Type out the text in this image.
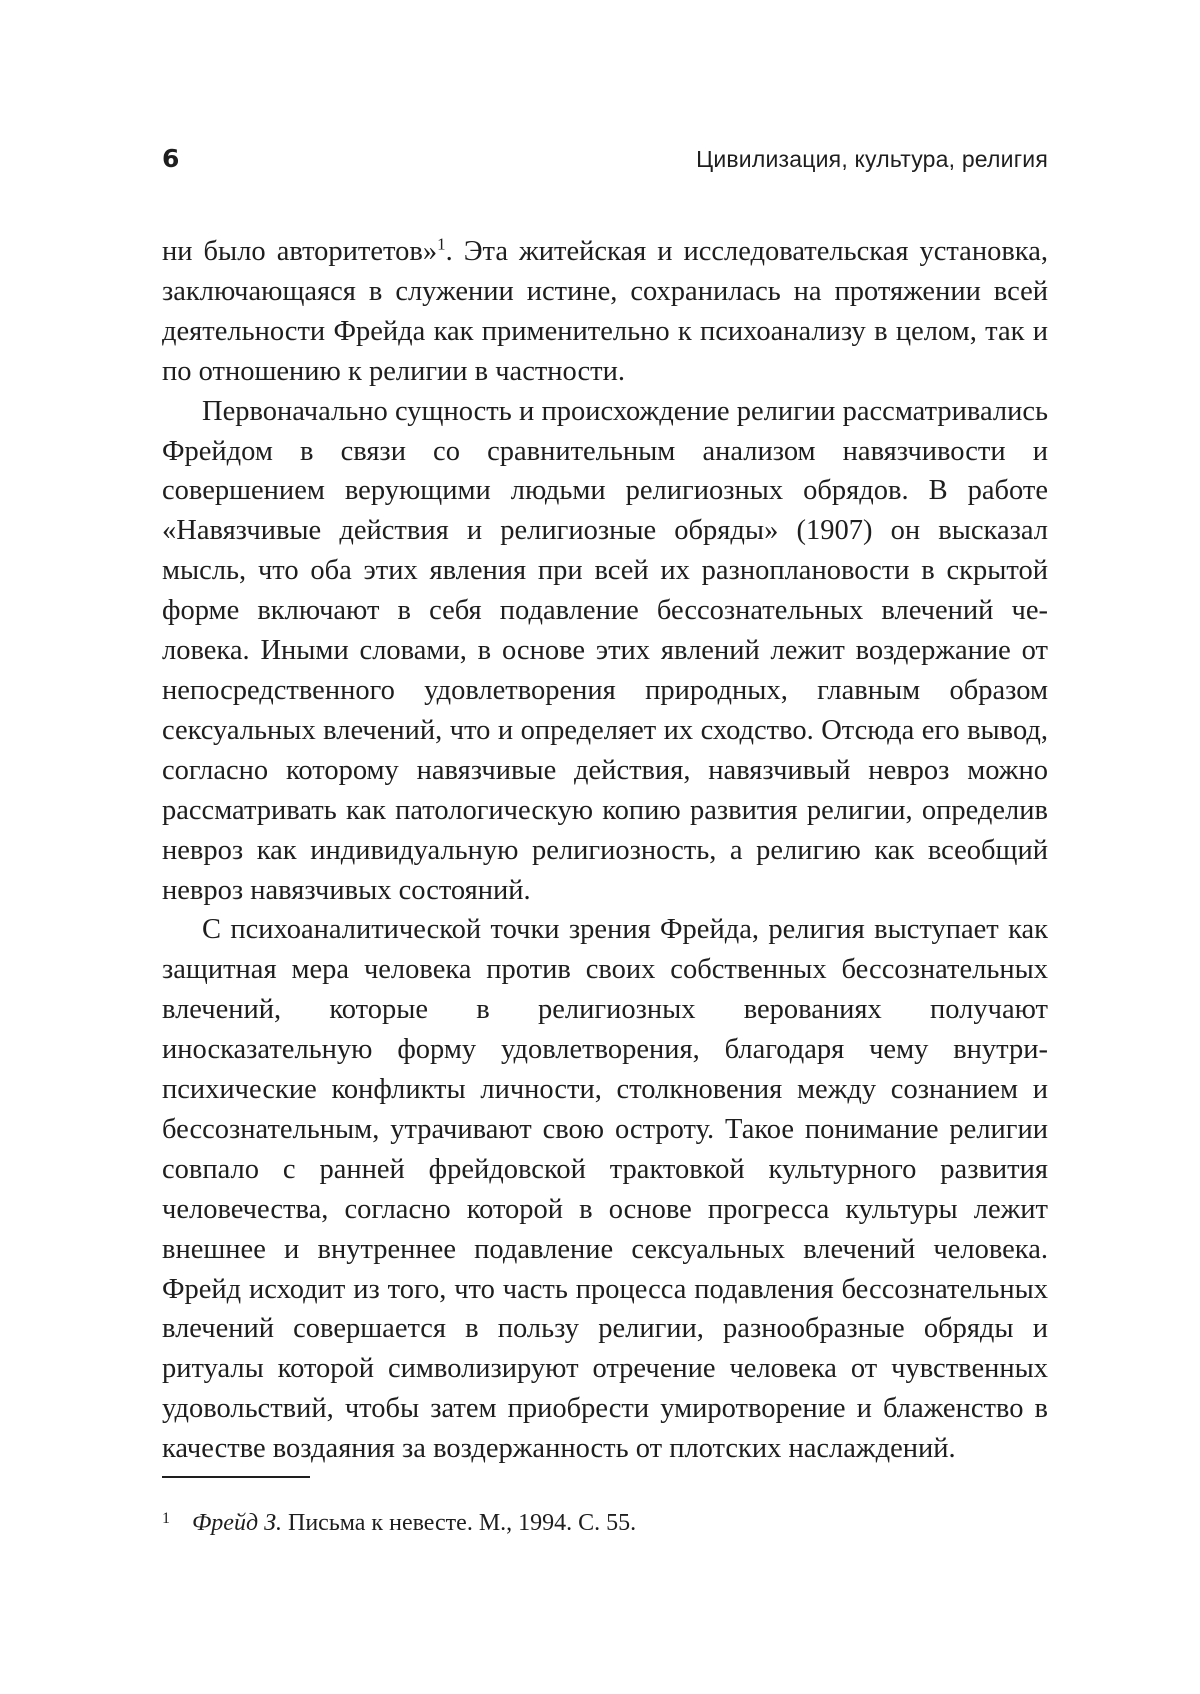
6	Цивилизация, культура, религия

ни было авторитетов»$^1$. Эта житейская и исследовательская установка, заключающаяся в служении истине, сохранилась на протяжении всей деятельности Фрейда как применительно к психоанализу в целом, так и по отношению к религии в частности.

Первоначально сущность и происхождение религии рассматривались Фрейдом в связи со сравнительным анализом навязчивости и совершением верующими людьми религиозных обрядов. В работе «Навязчивые действия и религиозные обряды» (1907) он высказал мысль, что оба этих явления при всей их разноплановости в скрытой форме включают в себя подавление бессознательных влечений человека. Иными словами, в основе этих явлений лежит воздержание от непосредственного удовлетворения природных, главным образом сексуальных влечений, что и определяет их сходство. Отсюда его вывод, согласно которому навязчивые действия, навязчивый невроз можно рассматривать как патологическую копию развития религии, определив невроз как индивидуальную религиозность, а религию как всеобщий невроз навязчивых состояний.

С психоаналитической точки зрения Фрейда, религия выступает как защитная мера человека против своих собственных бессознательных влечений, которые в религиозных верованиях получают иносказательную форму удовлетворения, благодаря чему внутрипсихические конфликты личности, столкновения между сознанием и бессознательным, утрачивают свою остроту. Такое понимание религии совпало с ранней фрейдовской трактовкой культурного развития человечества, согласно которой в основе прогресса культуры лежит внешнее и внутреннее подавление сексуальных влечений человека. Фрейд исходит из того, что часть процесса подавления бессознательных влечений совершается в пользу религии, разнообразные обряды и ритуалы которой символизируют отречение человека от чувственных удовольствий, чтобы затем приобрести умиротворение и блаженство в качестве воздаяния за воздержанность от плотских наслаждений.

1 Фрейд З. Письма к невесте. М., 1994. С. 55.
